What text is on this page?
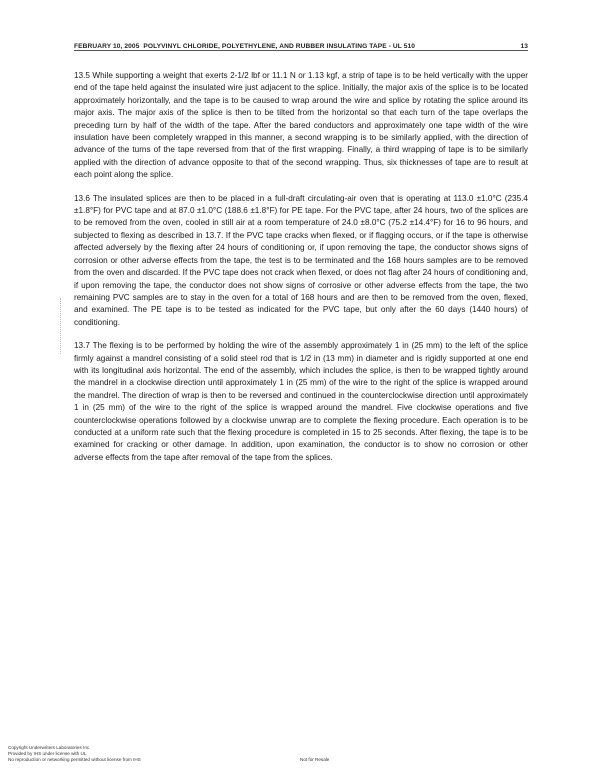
FEBRUARY 10, 2005 POLYVINYL CHLORIDE, POLYETHYLENE, AND RUBBER INSULATING TAPE - UL 510	13

13.5 While supporting a weight that exerts 2-1/2 lbf or 11.1 N or 1.13 kgf, a strip of tape is to be held vertically with the upper end of the tape held against the insulated wire just adjacent to the splice. Initially, the major axis of the splice is to be located approximately horizontally, and the tape is to be caused to wrap around the wire and splice by rotating the splice around its major axis. The major axis of the splice is then to be tilted from the horizontal so that each turn of the tape overlaps the preceding turn by half of the width of the tape. After the bared conductors and approximately one tape width of the wire insulation have been completely wrapped in this manner, a second wrapping is to be similarly applied, with the direction of advance of the turns of the tape reversed from that of the first wrapping. Finally, a third wrapping of tape is to be similarly applied with the direction of advance opposite to that of the second wrapping. Thus, six thicknesses of tape are to result at each point along the splice.

13.6 The insulated splices are then to be placed in a full-draft circulating-air oven that is operating at 113.0 ±1.0°C (235.4 ±1.8°F) for PVC tape and at 87.0 ±1.0°C (188.6 ±1.8°F) for PE tape. For the PVC tape, after 24 hours, two of the splices are to be removed from the oven, cooled in still air at a room temperature of 24.0 ±8.0°C (75.2 ±14.4°F) for 16 to 96 hours, and subjected to flexing as described in 13.7. If the PVC tape cracks when flexed, or if flagging occurs, or if the tape is otherwise affected adversely by the flexing after 24 hours of conditioning or, if upon removing the tape, the conductor shows signs of corrosion or other adverse effects from the tape, the test is to be terminated and the 168 hours samples are to be removed from the oven and discarded. If the PVC tape does not crack when flexed, or does not flag after 24 hours of conditioning and, if upon removing the tape, the conductor does not show signs of corrosive or other adverse effects from the tape, the two remaining PVC samples are to stay in the oven for a total of 168 hours and are then to be removed from the oven, flexed, and examined. The PE tape is to be tested as indicated for the PVC tape, but only after the 60 days (1440 hours) of conditioning.

13.7 The flexing is to be performed by holding the wire of the assembly approximately 1 in (25 mm) to the left of the splice firmly against a mandrel consisting of a solid steel rod that is 1/2 in (13 mm) in diameter and is rigidly supported at one end with its longitudinal axis horizontal. The end of the assembly, which includes the splice, is then to be wrapped tightly around the mandrel in a clockwise direction until approximately 1 in (25 mm) of the wire to the right of the splice is wrapped around the mandrel. The direction of wrap is then to be reversed and continued in the counterclockwise direction until approximately 1 in (25 mm) of the wire to the right of the splice is wrapped around the mandrel. Five clockwise operations and five counterclockwise operations followed by a clockwise unwrap are to complete the flexing procedure. Each operation is to be conducted at a uniform rate such that the flexing procedure is completed in 15 to 25 seconds. After flexing, the tape is to be examined for cracking or other damage. In addition, upon examination, the conductor is to show no corrosion or other adverse effects from the tape after removal of the tape from the splices.

Copyright Underwriters Laboratories Inc.
Provided by IHS under license with UL
No reproduction or networking permitted without license from IHS	Not for Resale
